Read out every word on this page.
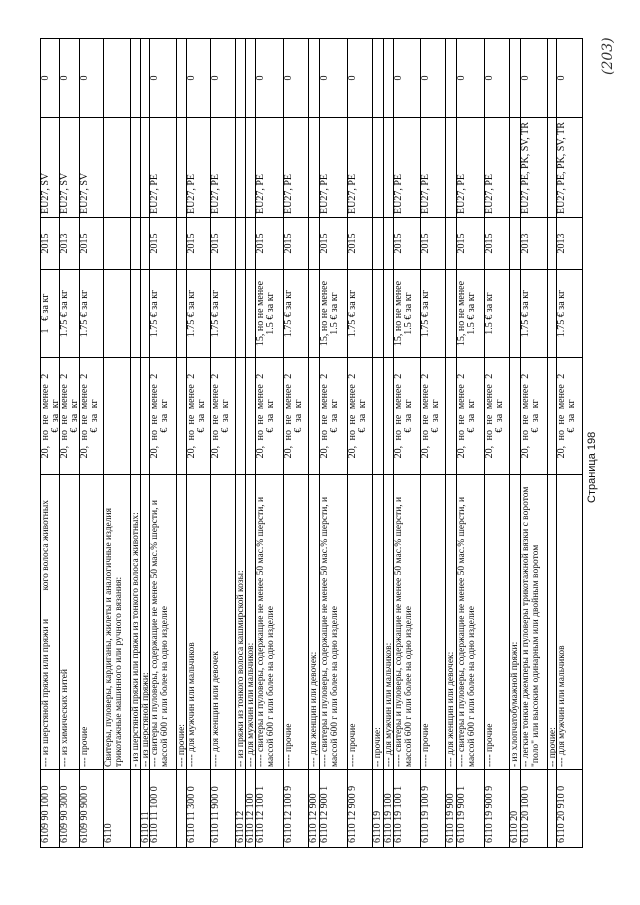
6109 90 100 0
--- из шерстяной пряжи или пряжи и            кого волоса животных
20, но не менее 2
€ за кг
1   € за кг
2015
EU27, SV
0
6109 90 300 0
--- из химических нитей
20, но не менее 2
€ за кг
1.75 € за кг
2013
EU27, SV
0
6109 90 900 0
--- прочие
20, но не менее 2
€ за кг
1.75 € за кг
2015
EU27, SV
0
6110
Свитеры, пуловеры, кардиганы, жилеты и аналогичные изделия
трикотажные машинного или ручного вязания: - из шерстяной пряжи или пряжи из тонкого волоса животных:
6110 11
-- из шерстяной пряжи:
6110 11 100 0
--- свитеры и пуловеры, содержащие не менее 50 мас.% шерсти, и
массой 600 г или более на одно изделие
20, но не менее 2
€ за кг
1.75 € за кг
2015
EU27, PE
0
--- прочие:
6110 11 300 0
---- для мужчин или мальчиков
20, но не менее 2
€ за кг
1.75 € за кг
2015
EU27, PE
0
6110 11 900 0
---- для женщин или девочек
20, но не менее 2
€ за кг
1.75 € за кг
2015
EU27, PE
0
6110 12
-- из пряжи из тонкого волоса кашмирской козы:
6110 12 100
--- для мужчин или мальчиков:
6110 12 100 1
---- свитеры и пуловеры, содержащие не менее 50 мас.% шерсти, и
массой 600 г или более на одно изделие
20, но не менее 2
€ за кг
15, но не менее
1.5 € за кг
2015
EU27, PE
0
6110 12 100 9
---- прочие
20, но не менее 2
€ за кг
1.75 € за кг
2015
EU27, PE
0
6110 12 900
--- для женщин или девочек:
6110 12 900 1
---- свитеры и пуловеры, содержащие не менее 50 мас.% шерсти, и
массой 600 г или более на одно изделие
20, но не менее 2
€ за кг
15, но не менее
1.5 € за кг
2015
EU27, PE
0
6110 12 900 9
---- прочие
20, но не менее 2
€ за кг
1.75 € за кг
2015
EU27, PE
0
6110 19
-- прочие:
6110 19 100
--- для мужчин или мальчиков:
6110 19 100 1
---- свитеры и пуловеры, содержащие не менее 50 мас.% шерсти, и
массой 600 г или более на одно изделие
20, но не менее 2
€ за кг
15, но не менее
1.5 € за кг
2015
EU27, PE
0
6110 19 100 9
---- прочие
20, но не менее 2
€ за кг
1.75 € за кг
2015
EU27, PE
0
6110 19 900
--- для женщин или девочек:
6110 19 900 1
---- свитеры и пуловеры, содержащие не менее 50 мас.% шерсти, и
массой 600 г или более на одно изделие
20, но не менее 2
€ за кг
15, но не менее
1.5 € за кг
2015
EU27, PE
0
6110 19 900 9
---- прочие
20, но не менее 2
€ за кг
1.5 € за кг
2015
EU27, PE
0
6110 20
- из хлопчатобумажной пряжи:
6110 20 100 0
-- легкие тонкие джемперы и пуловеры трикотажной вязки с воротом
"поло" или высоким одинарным или двойным воротом
20, но не менее 2
€ за кг
1.75 € за кг
2013
EU27, PE, PK, SV, TR
0
-- прочие:
6110 20 910 0
--- для мужчин или мальчиков
20, но не менее 2
€ за кг
1.75 € за кг
2013
EU27, PE, PK, SV, TR
0
Страница 198
(203)
